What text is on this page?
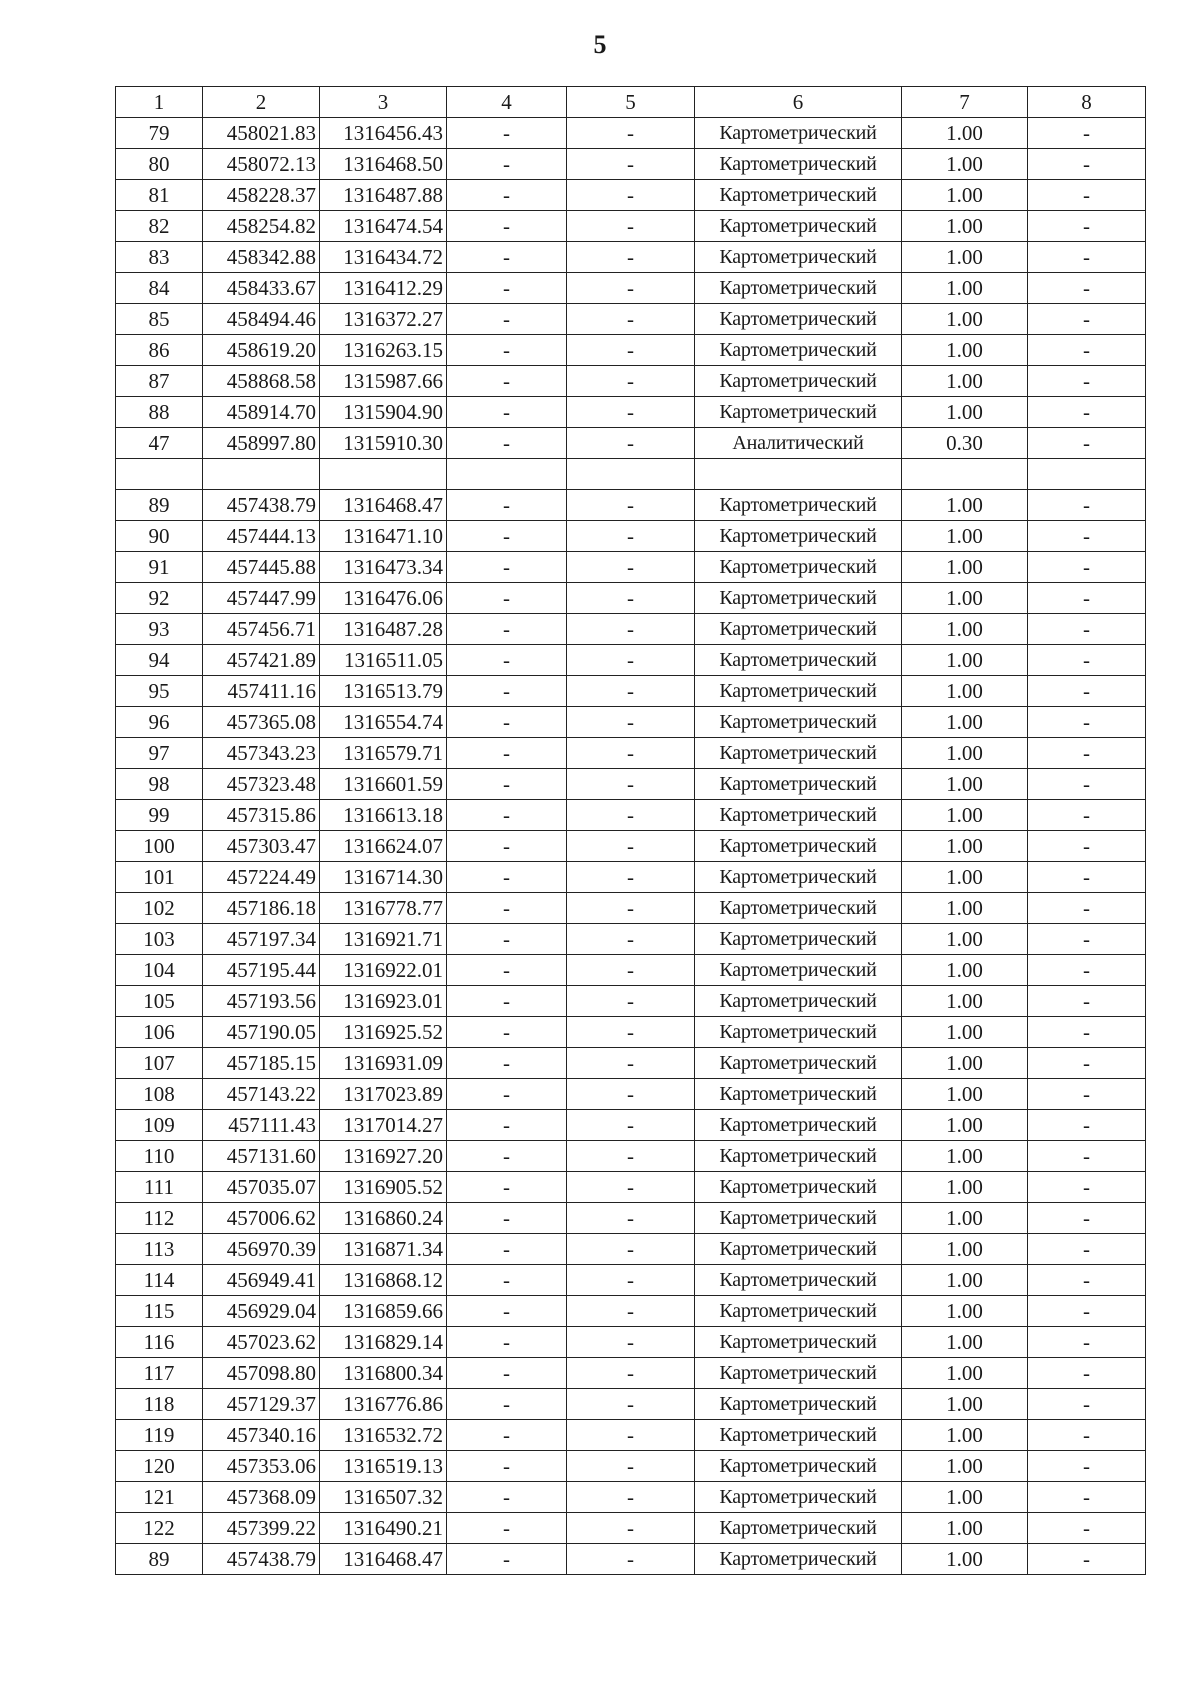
5
1	2	3	4	5	6	7	8
79	458021.83	1316456.43	-	-	Картометрический	1.00	-
80	458072.13	1316468.50	-	-	Картометрический	1.00	-
81	458228.37	1316487.88	-	-	Картометрический	1.00	-
82	458254.82	1316474.54	-	-	Картометрический	1.00	-
83	458342.88	1316434.72	-	-	Картометрический	1.00	-
84	458433.67	1316412.29	-	-	Картометрический	1.00	-
85	458494.46	1316372.27	-	-	Картометрический	1.00	-
86	458619.20	1316263.15	-	-	Картометрический	1.00	-
87	458868.58	1315987.66	-	-	Картометрический	1.00	-
88	458914.70	1315904.90	-	-	Картометрический	1.00	-
47	458997.80	1315910.30	-	-	Аналитический	0.30	-

89	457438.79	1316468.47	-	-	Картометрический	1.00	-
90	457444.13	1316471.10	-	-	Картометрический	1.00	-
91	457445.88	1316473.34	-	-	Картометрический	1.00	-
92	457447.99	1316476.06	-	-	Картометрический	1.00	-
93	457456.71	1316487.28	-	-	Картометрический	1.00	-
94	457421.89	1316511.05	-	-	Картометрический	1.00	-
95	457411.16	1316513.79	-	-	Картометрический	1.00	-
96	457365.08	1316554.74	-	-	Картометрический	1.00	-
97	457343.23	1316579.71	-	-	Картометрический	1.00	-
98	457323.48	1316601.59	-	-	Картометрический	1.00	-
99	457315.86	1316613.18	-	-	Картометрический	1.00	-
100	457303.47	1316624.07	-	-	Картометрический	1.00	-
101	457224.49	1316714.30	-	-	Картометрический	1.00	-
102	457186.18	1316778.77	-	-	Картометрический	1.00	-
103	457197.34	1316921.71	-	-	Картометрический	1.00	-
104	457195.44	1316922.01	-	-	Картометрический	1.00	-
105	457193.56	1316923.01	-	-	Картометрический	1.00	-
106	457190.05	1316925.52	-	-	Картометрический	1.00	-
107	457185.15	1316931.09	-	-	Картометрический	1.00	-
108	457143.22	1317023.89	-	-	Картометрический	1.00	-
109	457111.43	1317014.27	-	-	Картометрический	1.00	-
110	457131.60	1316927.20	-	-	Картометрический	1.00	-
111	457035.07	1316905.52	-	-	Картометрический	1.00	-
112	457006.62	1316860.24	-	-	Картометрический	1.00	-
113	456970.39	1316871.34	-	-	Картометрический	1.00	-
114	456949.41	1316868.12	-	-	Картометрический	1.00	-
115	456929.04	1316859.66	-	-	Картометрический	1.00	-
116	457023.62	1316829.14	-	-	Картометрический	1.00	-
117	457098.80	1316800.34	-	-	Картометрический	1.00	-
118	457129.37	1316776.86	-	-	Картометрический	1.00	-
119	457340.16	1316532.72	-	-	Картометрический	1.00	-
120	457353.06	1316519.13	-	-	Картометрический	1.00	-
121	457368.09	1316507.32	-	-	Картометрический	1.00	-
122	457399.22	1316490.21	-	-	Картометрический	1.00	-
89	457438.79	1316468.47	-	-	Картометрический	1.00	-
